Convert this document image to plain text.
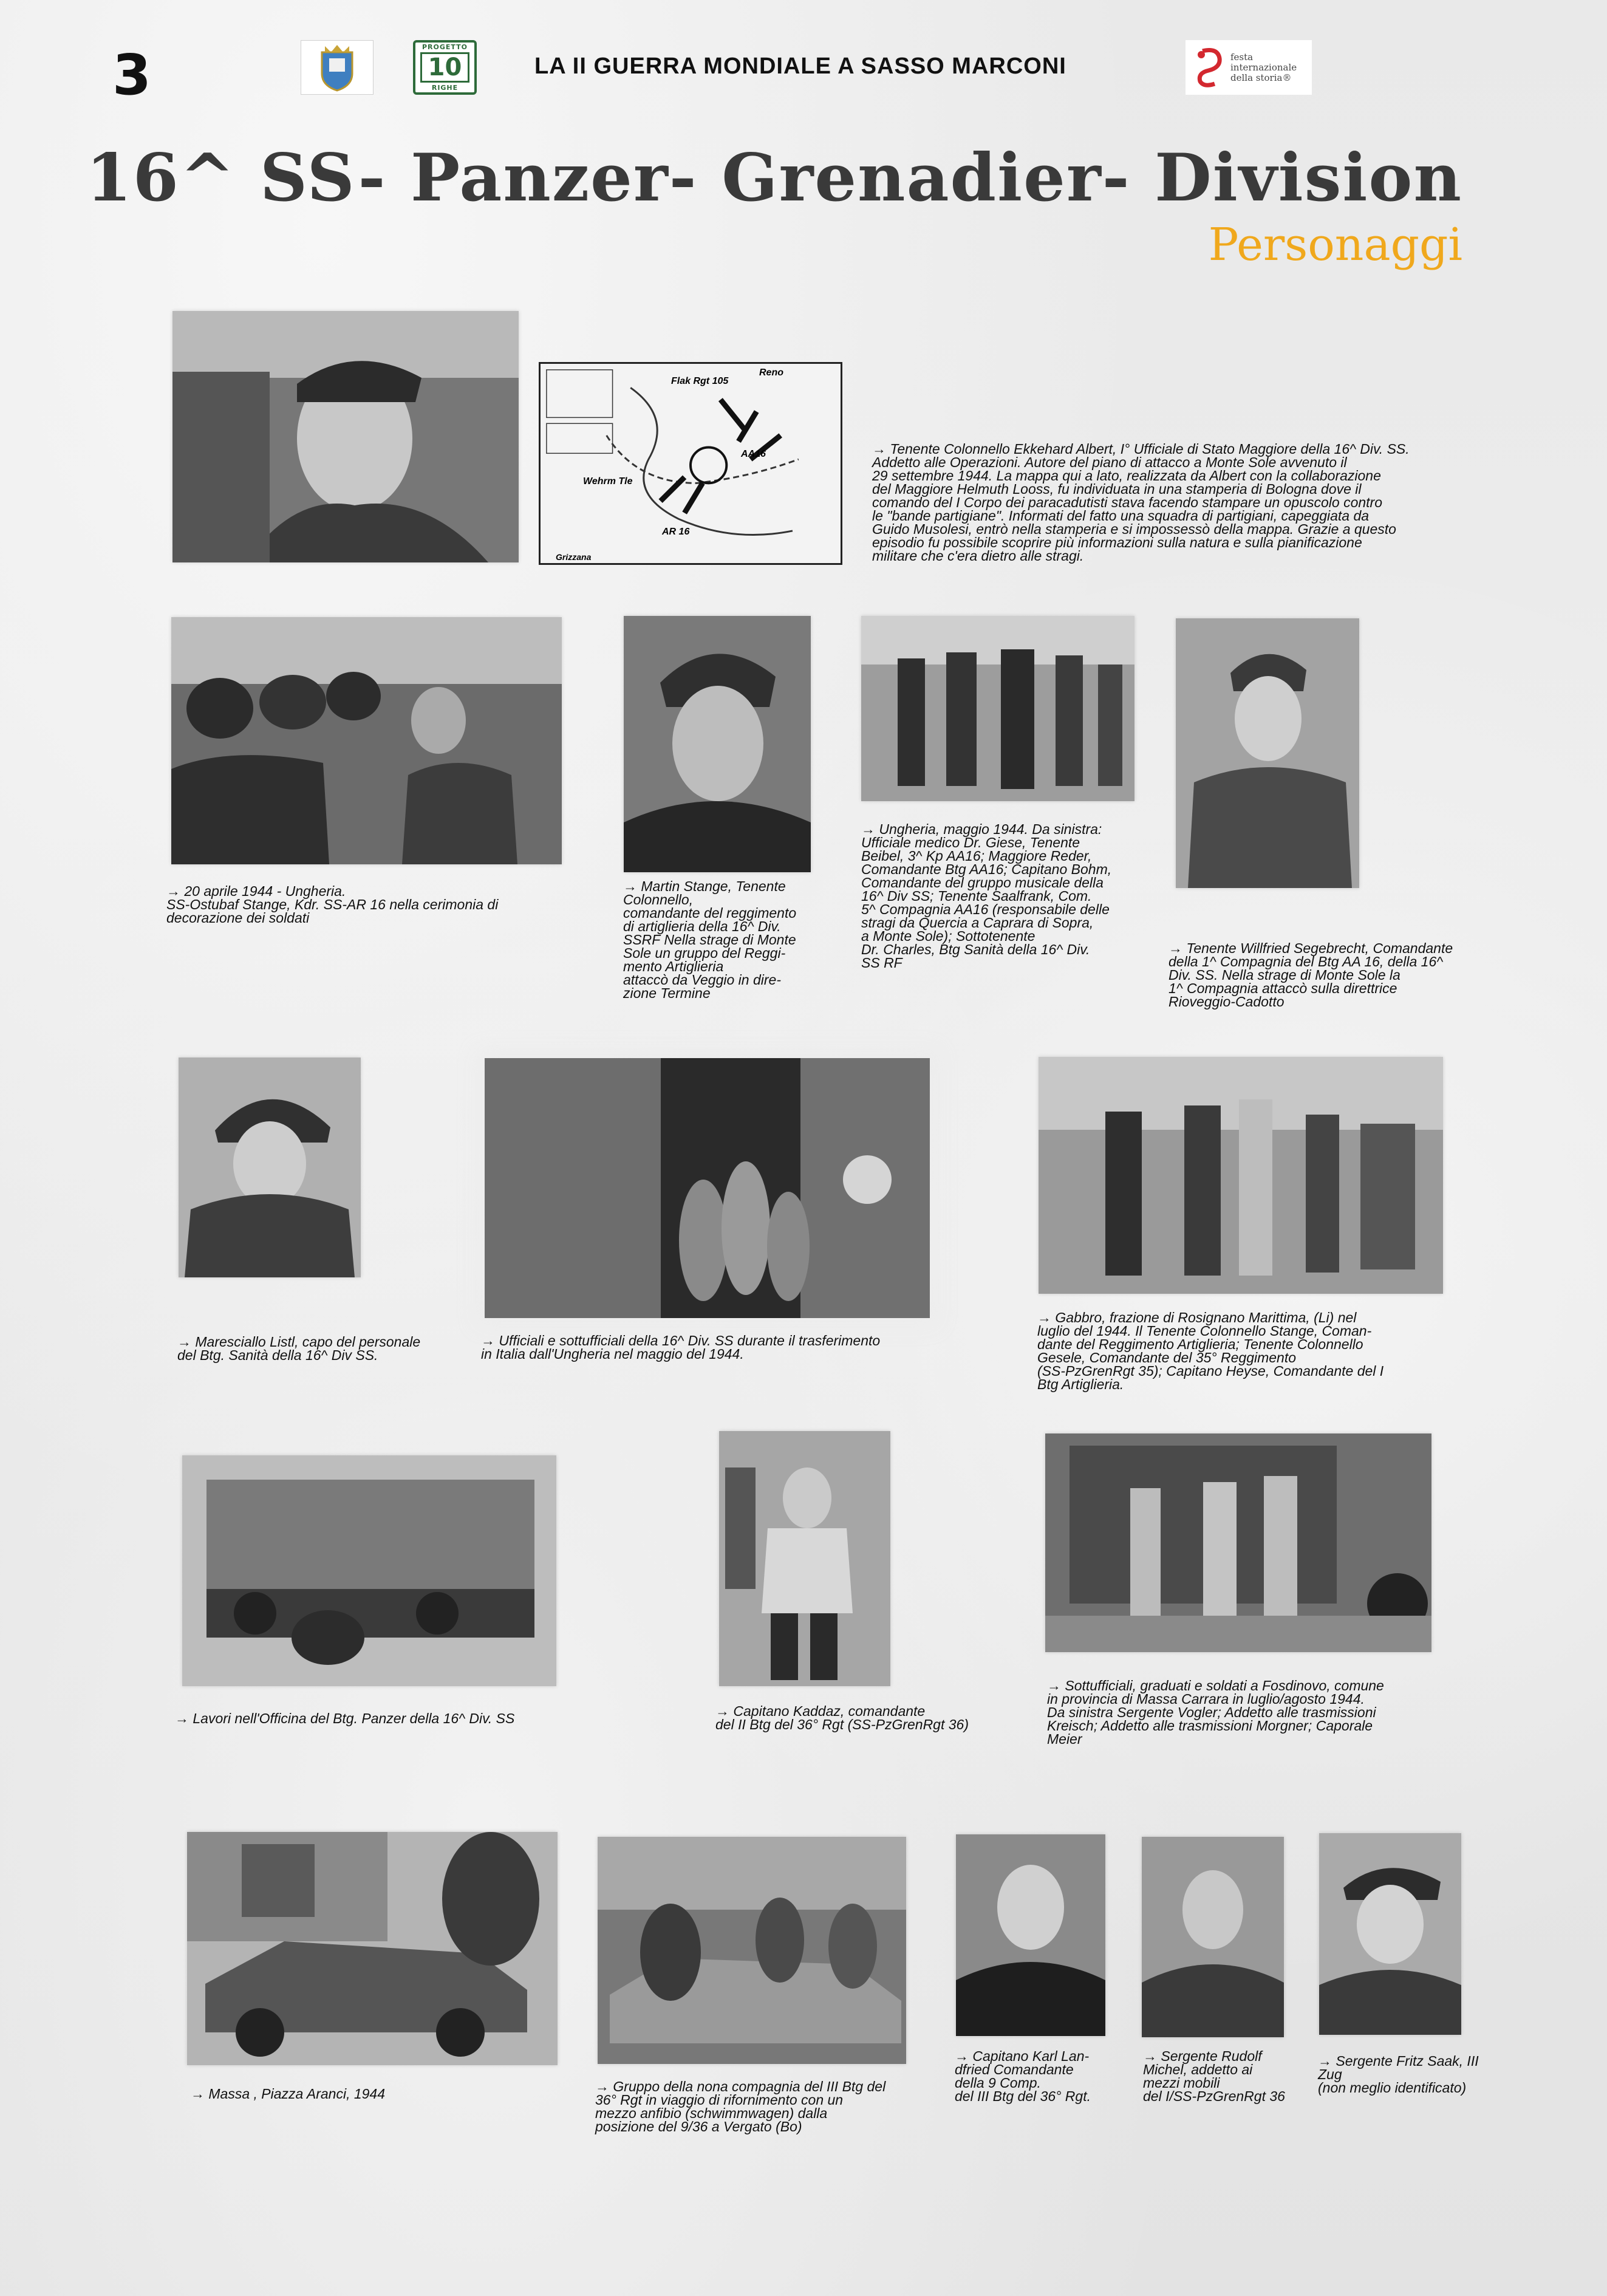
3	PROGETTO
10
RIGHE
LA II GUERRA MONDIALE A SASSO MARCONI	festa
internazionale
della storia®
16^ SS- Panzer- Grenadier- Division
Personaggi
Flak Rgt 105
Reno
Wehrm Tle
AR 16
AA16
Grizzana
→ Tenente Colonnello Ekkehard Albert, I° Ufficiale di Stato Maggiore della 16^ Div. SS.
Addetto alle Operazioni. Autore del piano di attacco a Monte Sole avvenuto il
29 settembre 1944. La mappa qui a lato, realizzata da Albert con la collaborazione
del Maggiore Helmuth Looss, fu individuata in una stamperia di Bologna dove il
comando del I Corpo dei paracadutisti stava facendo stampare un opuscolo contro
le "bande partigiane". Informati del fatto una squadra di partigiani, capeggiata da
Guido Musolesi, entrò nella stamperia e si impossessò della mappa. Grazie a questo
episodio fu possibile scoprire più informazioni sulla natura e sulla pianificazione
militare che c'era dietro alle stragi.
→ 20 aprile 1944 - Ungheria.
SS-Ostubaf Stange, Kdr. SS-AR 16 nella cerimonia di
decorazione dei soldati
→ Martin Stange, Tenente
Colonnello,
comandante del reggimento
di artiglieria della 16^ Div.
SSRF Nella strage di Monte
Sole un gruppo del Reggi-
mento Artiglieria
attaccò da Veggio in dire-
zione Termine
→ Ungheria, maggio 1944. Da sinistra:
Ufficiale medico Dr. Giese, Tenente
Beibel, 3^ Kp AA16; Maggiore Reder,
Comandante Btg AA16; Capitano Bohm,
Comandante del gruppo musicale della
16^ Div SS; Tenente Saalfrank, Com.
5^ Compagnia AA16 (responsabile delle
stragi da Quercia a Caprara di Sopra,
a Monte Sole); Sottotenente
Dr. Charles, Btg Sanità della 16^ Div.
SS RF
→ Tenente Willfried Segebrecht, Comandante
della 1^ Compagnia del Btg AA 16, della 16^
Div. SS. Nella strage di Monte Sole la
1^ Compagnia attaccò sulla direttrice
Rioveggio-Cadotto
→ Maresciallo Listl, capo del personale
del Btg. Sanità della 16^ Div SS.
→ Ufficiali e sottufficiali della 16^ Div. SS durante il trasferimento
in Italia dall'Ungheria nel maggio del 1944.
→ Gabbro, frazione di Rosignano Marittima, (Li) nel
luglio del 1944. Il Tenente Colonnello Stange, Coman-
dante del Reggimento Artiglieria; Tenente Colonnello
Gesele, Comandante del 35° Reggimento
(SS-PzGrenRgt 35); Capitano Heyse, Comandante del I
Btg Artiglieria.
→ Lavori nell'Officina del Btg. Panzer della 16^ Div. SS	→ Capitano Kaddaz, comandante
del II Btg del 36° Rgt (SS-PzGrenRgt 36)
→ Sottufficiali, graduati e soldati a Fosdinovo, comune
in provincia di Massa Carrara in luglio/agosto 1944.
Da sinistra Sergente Vogler; Addetto alle trasmissioni
Kreisch; Addetto alle trasmissioni Morgner; Caporale
Meier
→ Massa , Piazza Aranci, 1944	→ Gruppo della nona compagnia del III Btg del
36° Rgt in viaggio di rifornimento con un
mezzo anfibio (schwimmwagen) dalla
posizione del 9/36 a Vergato (Bo)
→ Capitano Karl Lan-
dfried Comandante
della 9 Comp.
del III Btg del 36° Rgt.
→ Sergente Rudolf
Michel, addetto ai
mezzi mobili
del I/SS-PzGrenRgt 36
→ Sergente Fritz Saak, III
Zug
(non meglio identificato)
